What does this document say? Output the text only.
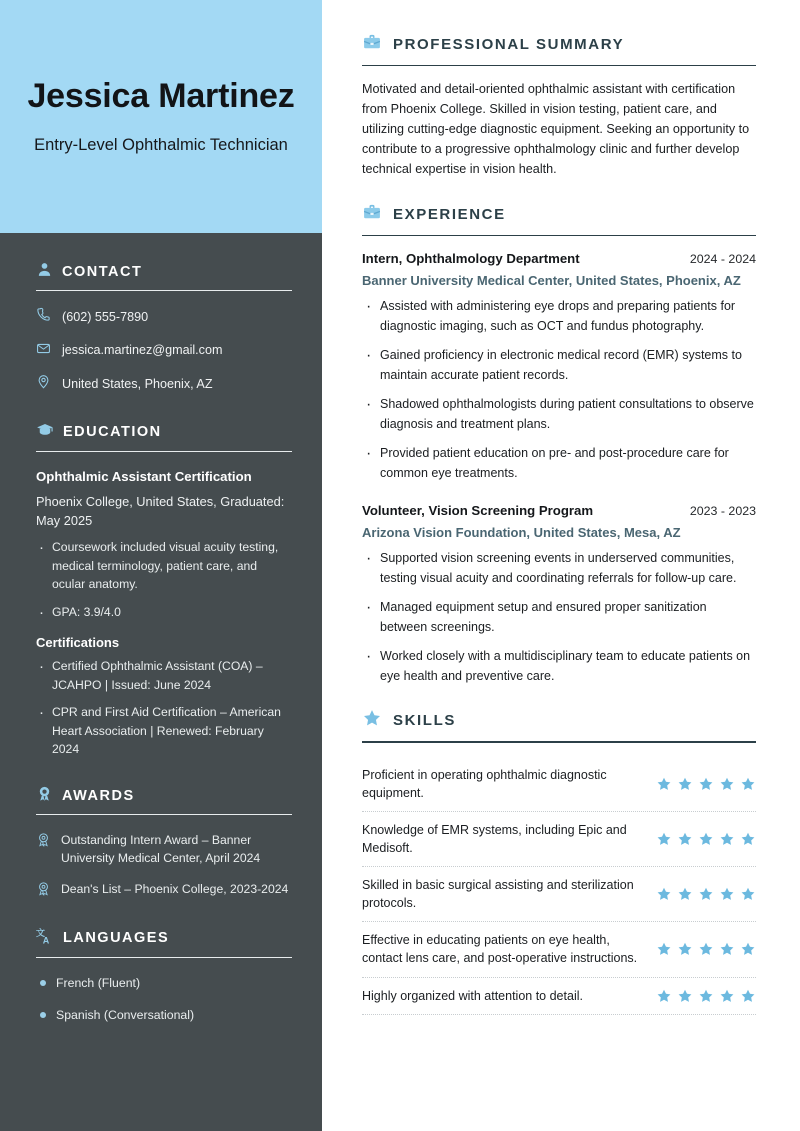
Jessica Martinez
Entry-Level Ophthalmic Technician
CONTACT
(602) 555-7890
jessica.martinez@gmail.com
United States, Phoenix, AZ
EDUCATION
Ophthalmic Assistant Certification
Phoenix College, United States, Graduated: May 2025
· Coursework included visual acuity testing, medical terminology, patient care, and ocular anatomy.
· GPA: 3.9/4.0
Certifications
· Certified Ophthalmic Assistant (COA) – JCAHPO | Issued: June 2024
· CPR and First Aid Certification – American Heart Association | Renewed: February 2024
AWARDS
Outstanding Intern Award – Banner University Medical Center, April 2024
Dean's List – Phoenix College, 2023-2024
文
A LANGUAGES
French (Fluent)
Spanish (Conversational)
PROFESSIONAL SUMMARY

Motivated and detail-oriented ophthalmic assistant with certification from Phoenix College. Skilled in vision testing, patient care, and utilizing cutting-edge diagnostic equipment. Seeking an opportunity to contribute to a progressive ophthalmology clinic and further develop technical expertise in vision health.

EXPERIENCE
Intern, Ophthalmology Department	2024 - 2024
Banner University Medical Center, United States, Phoenix, AZ
· Assisted with administering eye drops and preparing patients for diagnostic imaging, such as OCT and fundus photography.
· Gained proficiency in electronic medical record (EMR) systems to maintain accurate patient records.
· Shadowed ophthalmologists during patient consultations to observe diagnosis and treatment plans.
· Provided patient education on pre- and post-procedure care for common eye treatments.
Volunteer, Vision Screening Program	2023 - 2023
Arizona Vision Foundation, United States, Mesa, AZ
· Supported vision screening events in underserved communities, testing visual acuity and coordinating referrals for follow-up care.
· Managed equipment setup and ensured proper sanitization between screenings.
· Worked closely with a multidisciplinary team to educate patients on eye health and preventive care.
SKILLS
Proficient in operating ophthalmic diagnostic equipment.
Knowledge of EMR systems, including Epic and Medisoft.
Skilled in basic surgical assisting and sterilization protocols.
Effective in educating patients on eye health, contact lens care, and post-operative instructions.
Highly organized with attention to detail.
